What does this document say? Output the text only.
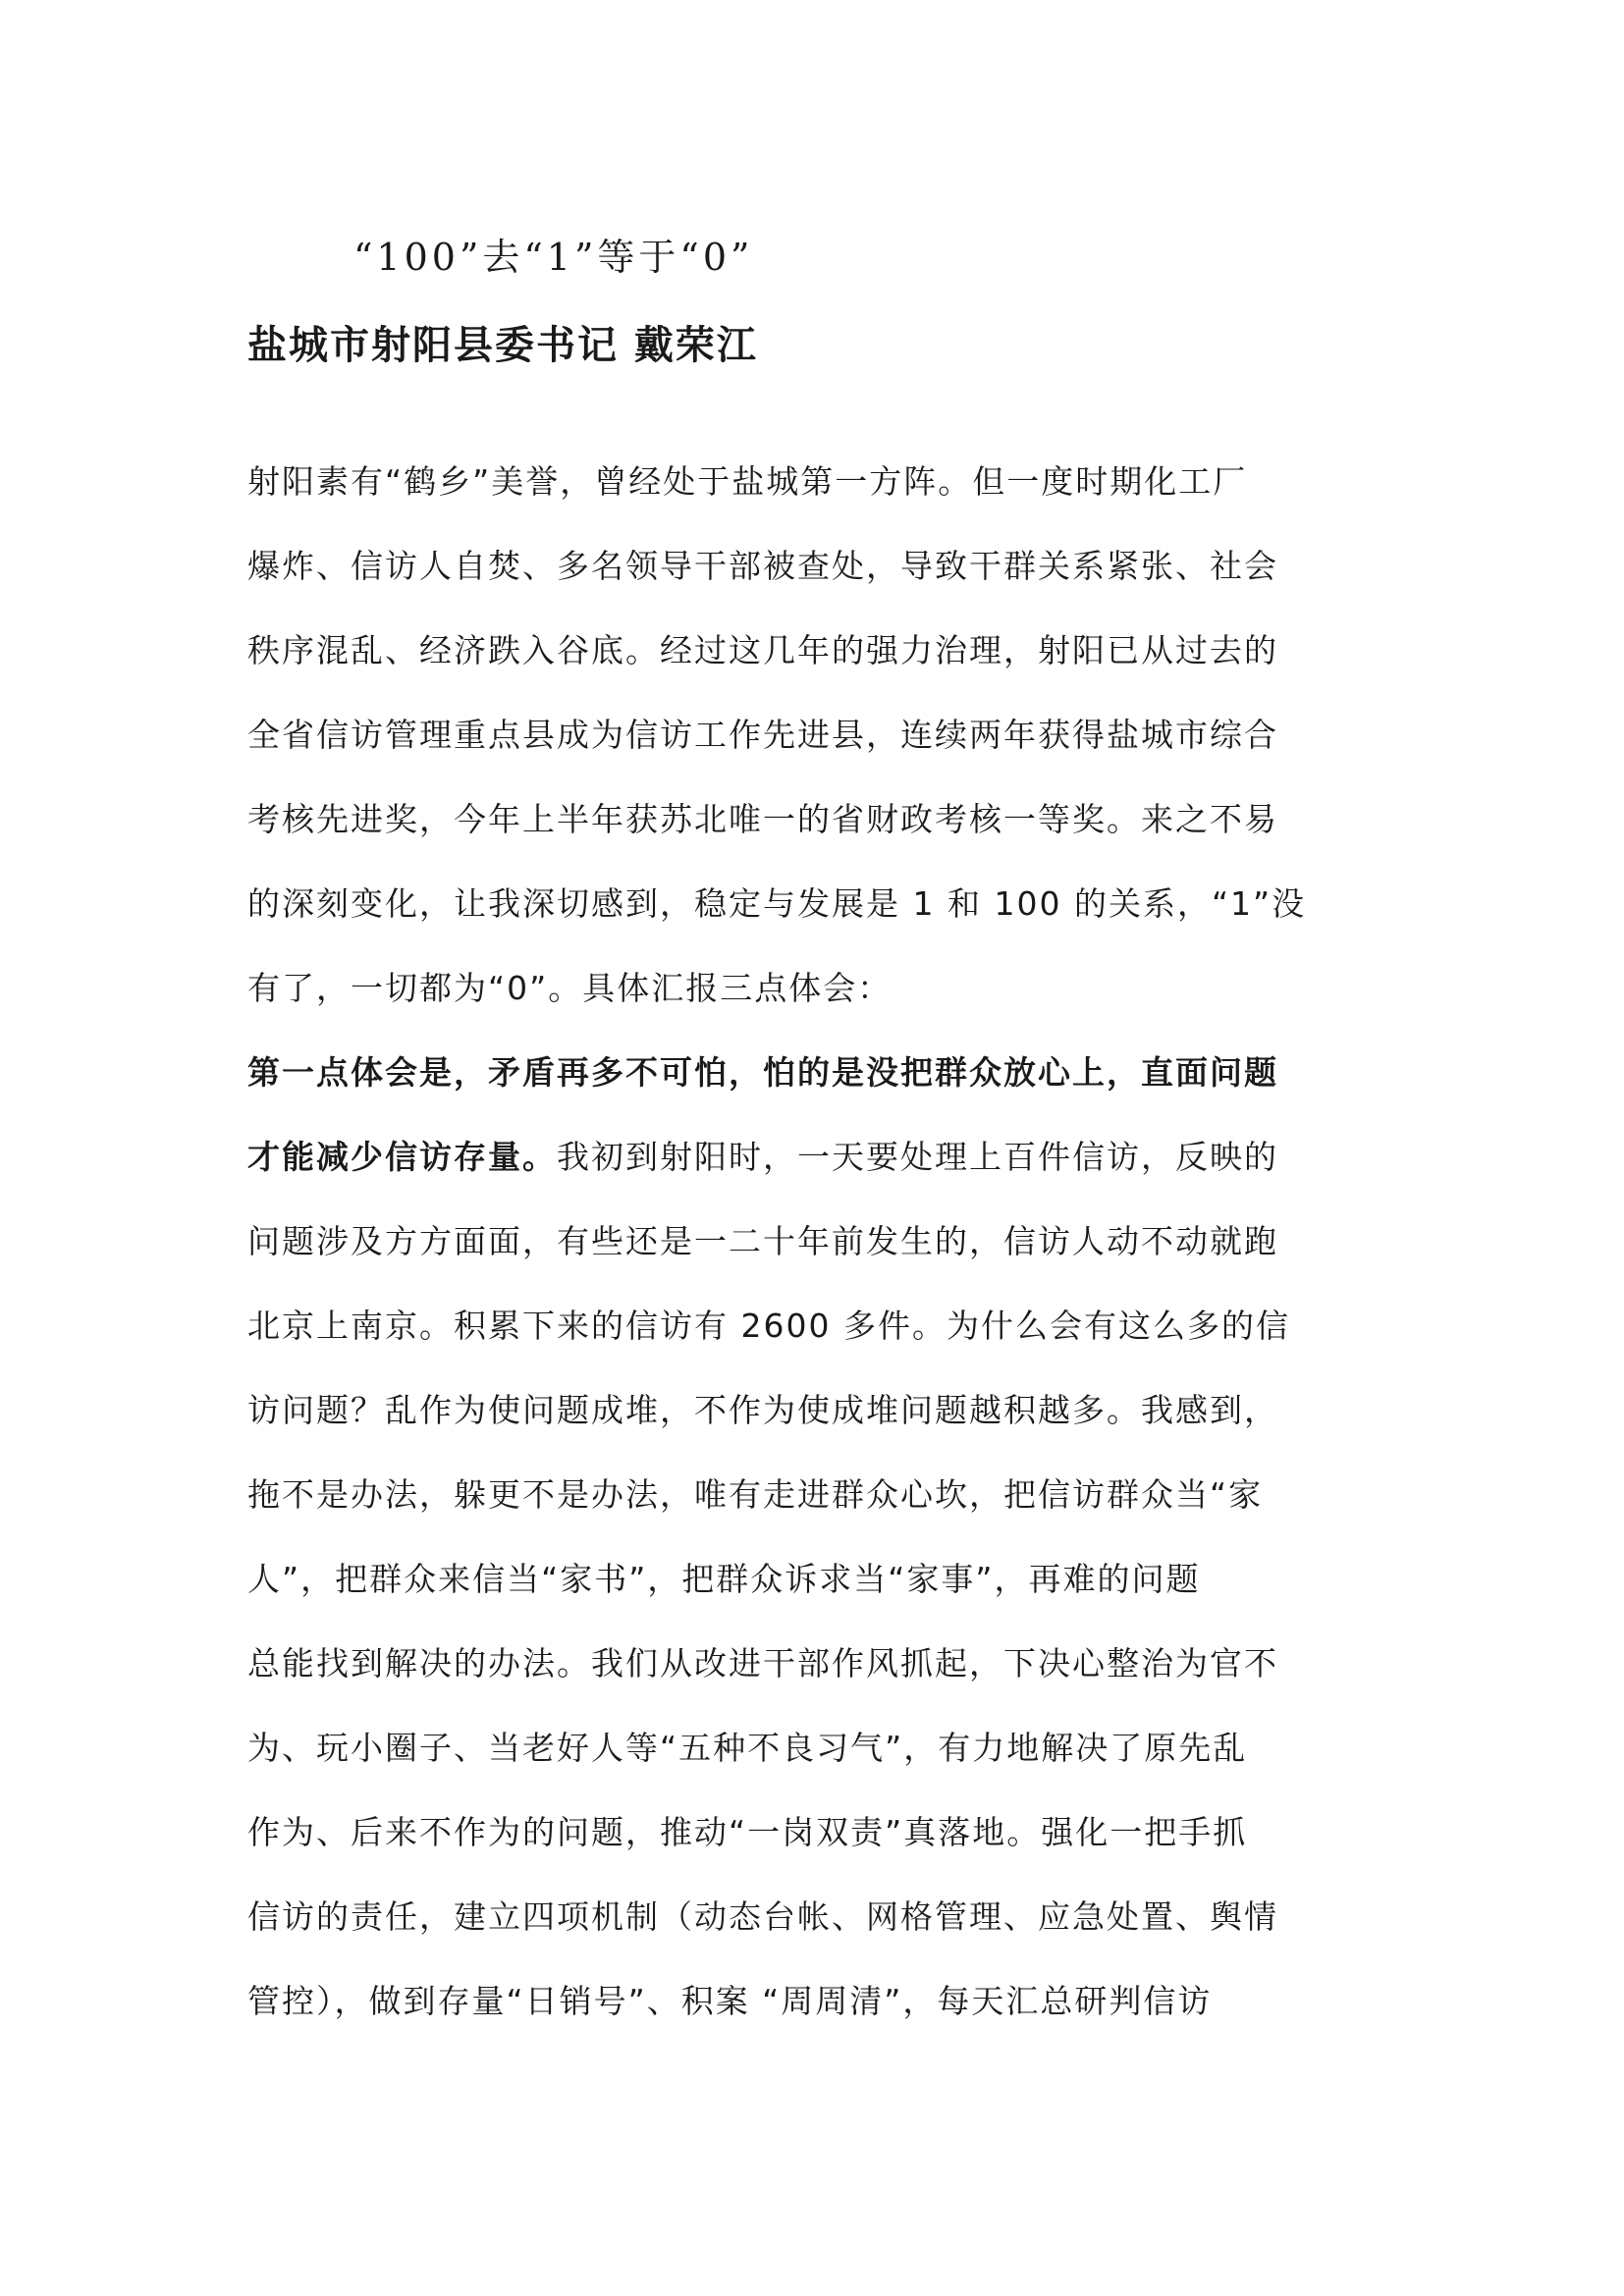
“100”去“1”等于“0”
盐城市射阳县委书记 戴荣江
射阳素有“鹤乡”美誉，曾经处于盐城第一方阵。但一度时期化工厂
爆炸、信访人自焚、多名领导干部被查处，导致干群关系紧张、社会
秩序混乱、经济跌入谷底。经过这几年的强力治理，射阳已从过去的
全省信访管理重点县成为信访工作先进县，连续两年获得盐城市综合
考核先进奖，今年上半年获苏北唯一的省财政考核一等奖。来之不易
的深刻变化，让我深切感到，稳定与发展是 1 和 100 的关系，“1”没
有了，一切都为“0”。具体汇报三点体会：
第一点体会是，矛盾再多不可怕，怕的是没把群众放心上，直面问题
才能减少信访存量。我初到射阳时，一天要处理上百件信访，反映的
问题涉及方方面面，有些还是一二十年前发生的，信访人动不动就跑
北京上南京。积累下来的信访有 2600 多件。为什么会有这么多的信
访问题？乱作为使问题成堆，不作为使成堆问题越积越多。我感到，
拖不是办法，躲更不是办法，唯有走进群众心坎，把信访群众当“家
人”，把群众来信当“家书”，把群众诉求当“家事”，再难的问题
总能找到解决的办法。我们从改进干部作风抓起，下决心整治为官不
为、玩小圈子、当老好人等“五种不良习气”，有力地解决了原先乱
作为、后来不作为的问题，推动“一岗双责”真落地。强化一把手抓
信访的责任，建立四项机制（动态台帐、网格管理、应急处置、舆情
管控），做到存量“日销号”、积案 “周周清”，每天汇总研判信访
